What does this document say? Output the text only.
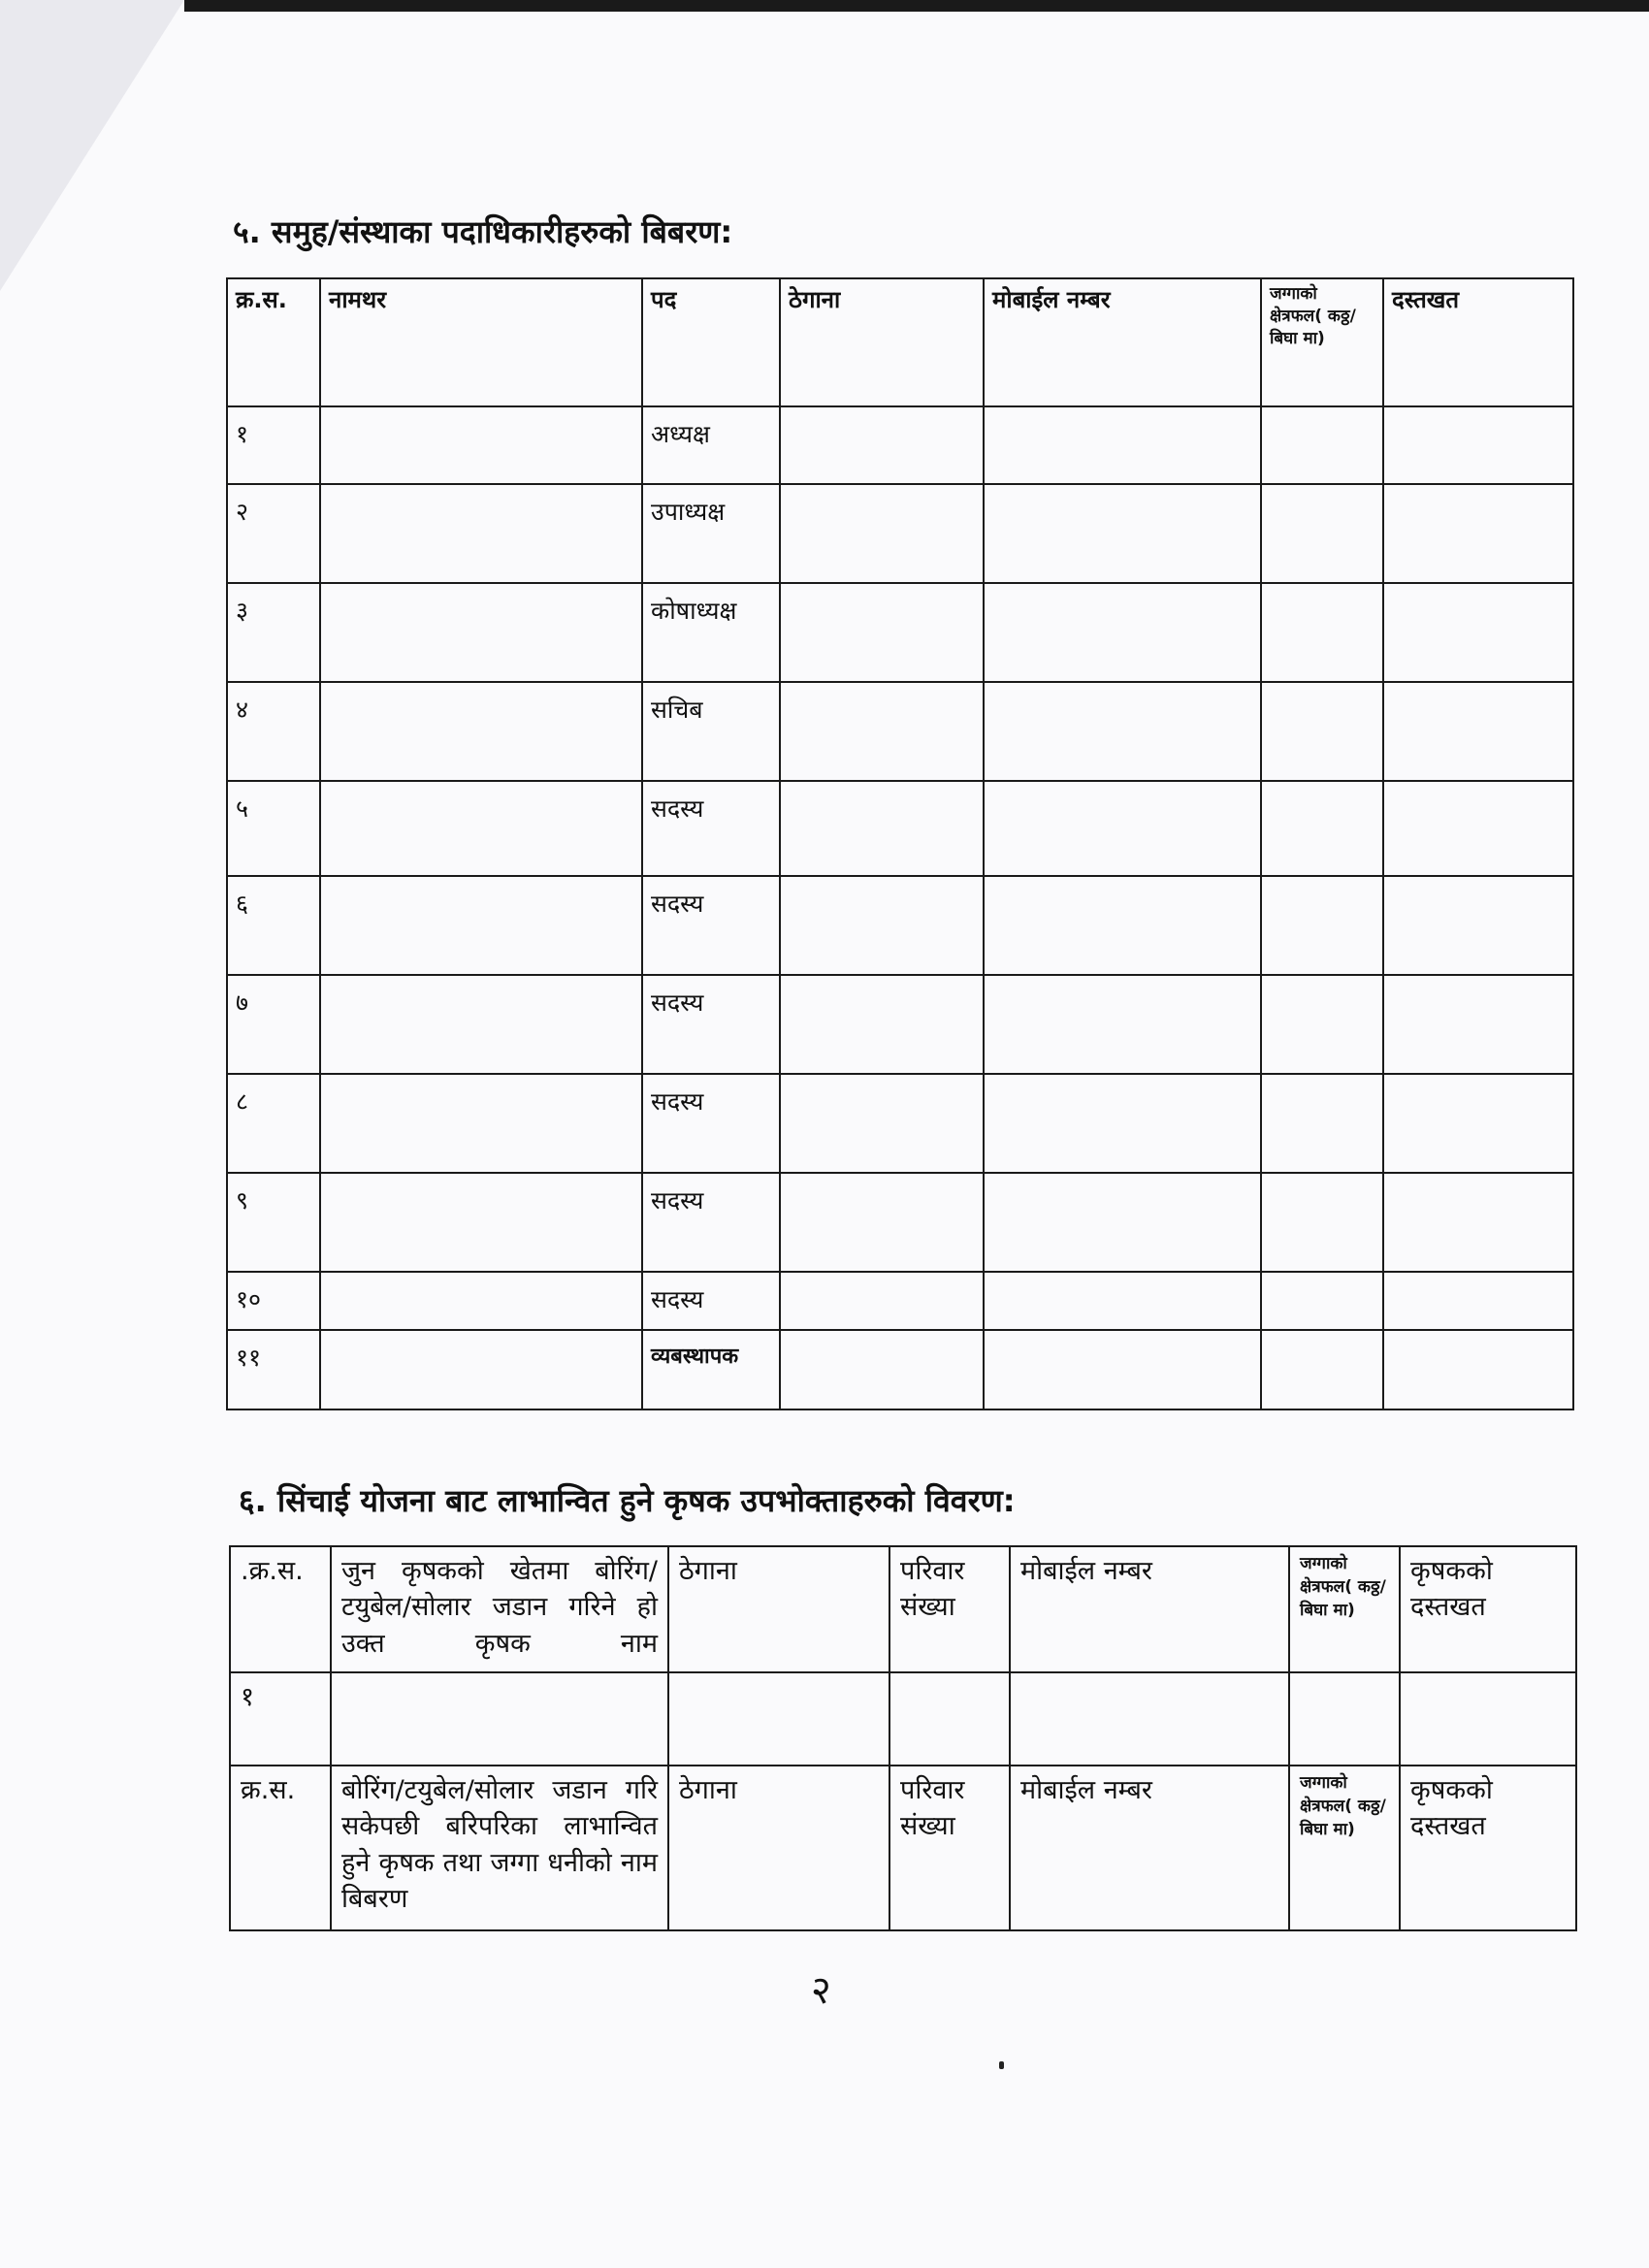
५. समुह/संस्थाका पदाधिकारीहरुको बिबरण:
क्र.स.	नामथर	पद	ठेगाना	मोबाईल नम्बर	जग्गाको क्षेत्रफल( कठ्ठ/बिघा मा)	दस्तखत
१		अध्यक्ष				
२		उपाध्यक्ष				
३		कोषाध्यक्ष				
४		सचिब				
५		सदस्य				
६		सदस्य				
७		सदस्य				
८		सदस्य				
९		सदस्य				
१०		सदस्य				
११		व्यबस्थापक				
६. सिंचाई योजना बाट लाभान्वित हुने कृषक उपभोक्ताहरुको विवरण:
.क्र.स.	जुन कृषकको खेतमा बोरिंग/टयुबेल/सोलार जडान गरिने हो उक्त कृषक नाम	ठेगाना	परिवार संख्या	मोबाईल नम्बर	जग्गाको क्षेत्रफल( कठ्ठ/बिघा मा)	कृषकको दस्तखत
१						
क्र.स.	बोरिंग/टयुबेल/सोलार जडान गरि सकेपछी बरिपरिका लाभान्वित हुने कृषक तथा जग्गा धनीको नाम बिबरण	ठेगाना	परिवार संख्या	मोबाईल नम्बर	जग्गाको क्षेत्रफल( कठ्ठ/बिघा मा)	कृषकको दस्तखत
२
